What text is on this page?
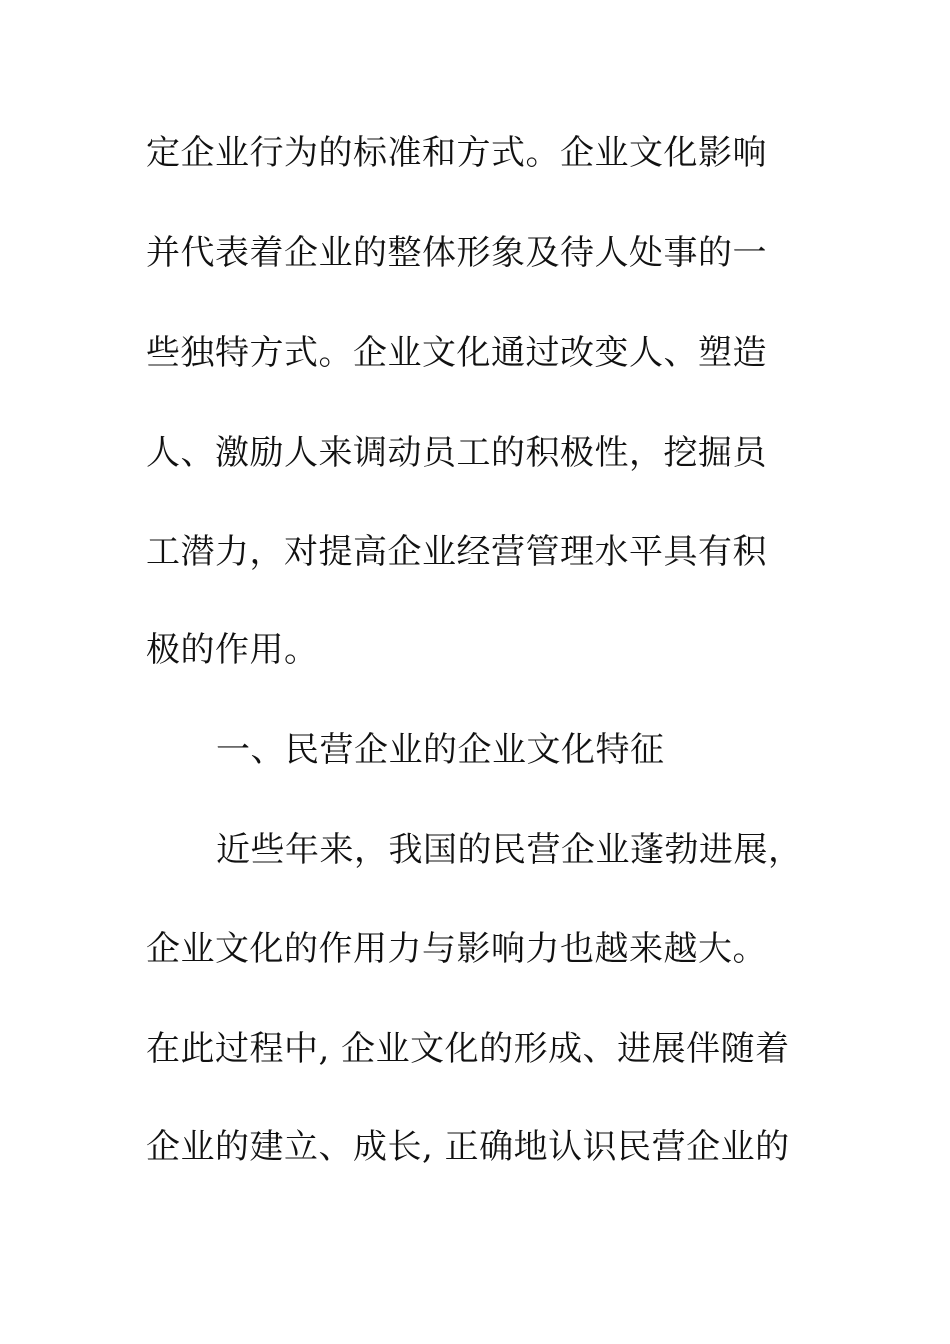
定企业行为的标准和方式。企业文化影响
并代表着企业的整体形象及待人处事的一
些独特方式。企业文化通过改变人、塑造
人、激励人来调动员工的积极性，挖掘员
工潜力，对提高企业经营管理水平具有积
极的作用。
一、民营企业的企业文化特征
近些年来，我国的民营企业蓬勃进展，
企业文化的作用力与影响力也越来越大。
在此过程中, 企业文化的形成、进展伴随着
企业的建立、成长, 正确地认识民营企业的
